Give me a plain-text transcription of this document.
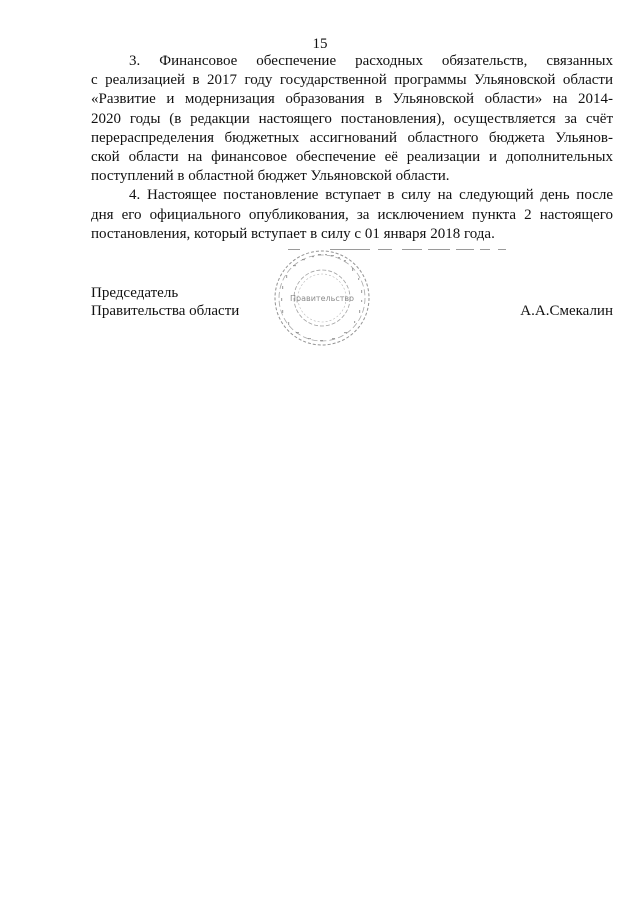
15

3. Финансовое обеспечение расходных обязательств, связанных
с реализацией в 2017 году государственной программы Ульяновской области
«Развитие и модернизация образования в Ульяновской области» на 2014-
2020 годы (в редакции настоящего постановления), осуществляется за счёт
перераспределения бюджетных ассигнований областного бюджета Ульянов-
ской области на финансовое обеспечение её реализации и дополнительных
поступлений в областной бюджет Ульяновской области.

4. Настоящее постановление вступает в силу на следующий день после
дня его официального опубликования, за исключением пункта 2 настоящего
постановления, который вступает в силу с 01 января 2018 года.

Председатель
Правительства области
Правительство
А.А.Смекалин
